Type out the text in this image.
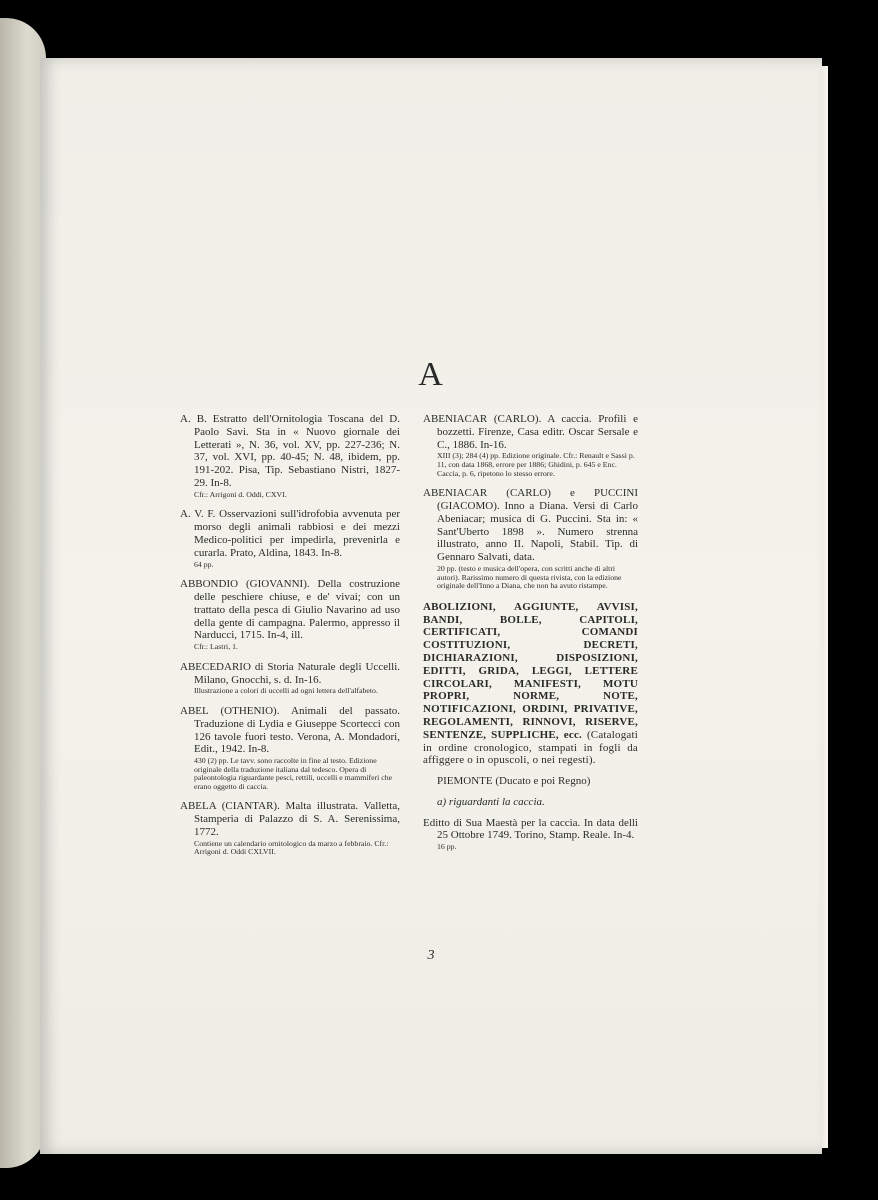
A
A. B. Estratto dell'Ornitologia Toscana del D. Paolo Savi. Sta in « Nuovo giornale dei Letterati », N. 36, vol. XV, pp. 227-236; N. 37, vol. XVI, pp. 40-45; N. 48, ibidem, pp. 191-202. Pisa, Tip. Sebastiano Nistri, 1827-29. In-8.
Cfr.: Arrigoni d. Oddi, CXVI.
A. V. F. Osservazioni sull'idrofobia avvenuta per morso degli animali rabbiosi e dei mezzi Medico-politici per impedirla, prevenirla e curarla. Prato, Aldina, 1843. In-8.
64 pp.
ABBONDIO (GIOVANNI). Della costruzione delle peschiere chiuse, e de' vivai; con un trattato della pesca di Giulio Navarino ad uso della gente di campagna. Palermo, appresso il Narducci, 1715. In-4, ill.
Cfr.: Lastri, 1.
ABECEDARIO di Storia Naturale degli Uccelli. Milano, Gnocchi, s. d. In-16.
Illustrazione a colori di uccelli ad ogni lettera dell'alfabeto.
ABEL (OTHENIO). Animali del passato. Traduzione di Lydia e Giuseppe Scortecci con 126 tavole fuori testo. Verona, A. Mondadori, Edit., 1942. In-8.
430 (2) pp. Le tavv. sono raccolte in fine al testo. Edizione originale della traduzione italiana dal tedesco. Opera di paleontologia riguardante pesci, rettili, uccelli e mammiferi che erano oggetto di caccia.
ABELA (CIANTAR). Malta illustrata. Valletta, Stamperia di Palazzo di S. A. Serenissima, 1772.
Contiene un calendario ornitologico da marzo a febbraio. Cfr.: Arrigoni d. Oddi CXLVII.
ABENIACAR (CARLO). A caccia. Profili e bozzetti. Firenze, Casa editr. Oscar Sersale e C., 1886. In-16.
XIII (3); 284 (4) pp. Edizione originale. Cfr.: Renault e Sassi p. 11, con data 1868, errore per 1886; Ghidini, p. 645 e Enc. Caccia, p. 6, ripetono lo stesso errore.
ABENIACAR (CARLO) e PUCCINI (GIACOMO). Inno a Diana. Versi di Carlo Abeniacar; musica di G. Puccini. Sta in: « Sant'Uberto 1898 ». Numero strenna illustrato, anno II. Napoli, Stabil. Tip. di Gennaro Salvati, data.
20 pp. (testo e musica dell'opera, con scritti anche di altri autori). Rarissimo numero di questa rivista, con la edizione originale dell'Inno a Diana, che non ha avuto ristampe.
ABOLIZIONI, AGGIUNTE, AVVISI, BANDI, BOLLE, CAPITOLI, CERTIFICATI, COMANDI COSTITUZIONI, DECRETI, DICHIARAZIONI, DISPOSIZIONI, EDITTI, GRIDA, LEGGI, LETTERE CIRCOLARI, MANIFESTI, MOTU PROPRI, NORME, NOTE, NOTIFICAZIONI, ORDINI, PRIVATIVE, REGOLAMENTI, RINNOVI, RISERVE, SENTENZE, SUPPLICHE, ecc. (Catalogati in ordine cronologico, stampati in fogli da affiggere o in opuscoli, o nei regesti).
PIEMONTE (Ducato e poi Regno)
a) riguardanti la caccia.
Editto di Sua Maestà per la caccia. In data delli 25 Ottobre 1749. Torino, Stamp. Reale. In-4.
16 pp.
3
